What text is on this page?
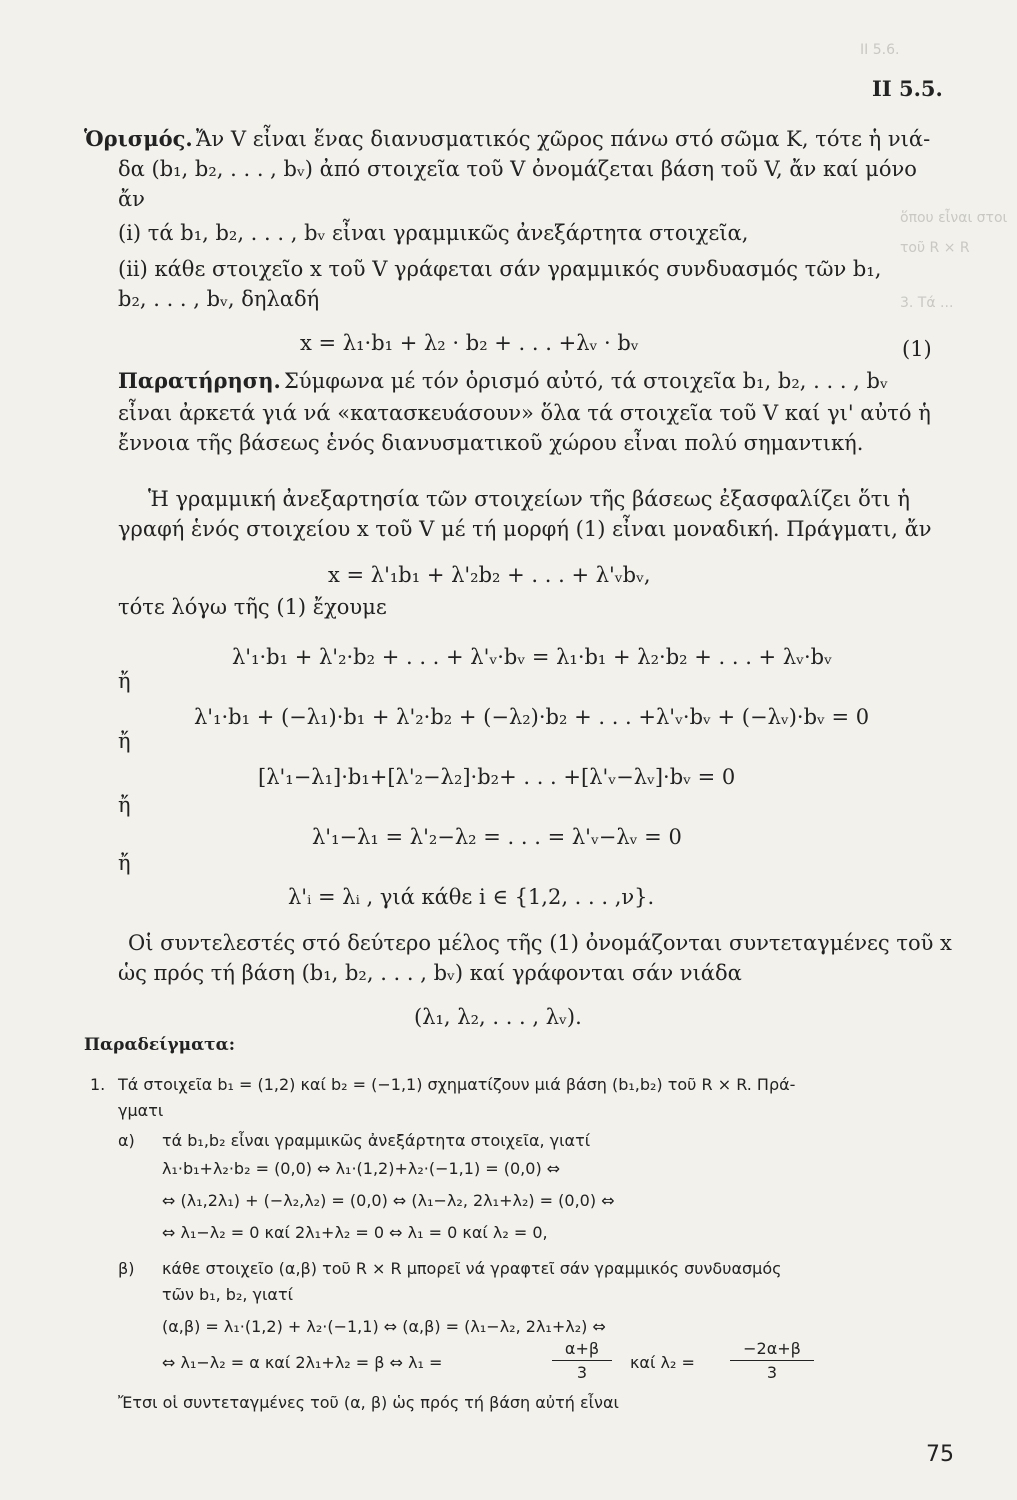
II 5.6.
ὅπου εἶναι στοι
τοῦ R × R
3. Τά ...
II 5.5.
Ὁρισμός. Ἄν V εἶναι ἕνας διανυσματικός χῶρος πάνω στό σῶμα K, τότε ἡ νιά-
δα (b₁, b₂, . . . , bᵥ) ἀπό στοιχεῖα τοῦ V ὀνομάζεται βάση τοῦ V, ἄν καί μόνο
ἄν
(i) τά b₁, b₂, . . . , bᵥ εἶναι γραμμικῶς ἀνεξάρτητα στοιχεῖα,
(ii) κάθε στοιχεῖο x τοῦ V γράφεται σάν γραμμικός συνδυασμός τῶν b₁,
b₂, . . . , bᵥ, δηλαδή
x = λ₁·b₁ + λ₂ · b₂ + . . . +λᵥ · bᵥ	(1)
Παρατήρηση. Σύμφωνα μέ τόν ὁρισμό αὐτό, τά στοιχεῖα b₁, b₂, . . . , bᵥ
εἶναι ἀρκετά γιά νά «κατασκευάσουν» ὅλα τά στοιχεῖα τοῦ V καί γι' αὐτό ἡ
ἔννοια τῆς βάσεως ἑνός διανυσματικοῦ χώρου εἶναι πολύ σημαντική.
Ἡ γραμμική ἀνεξαρτησία τῶν στοιχείων τῆς βάσεως ἐξασφαλίζει ὅτι ἡ
γραφή ἑνός στοιχείου x τοῦ V μέ τή μορφή (1) εἶναι μοναδική. Πράγματι, ἄν
x = λ'₁b₁ + λ'₂b₂ + . . . + λ'ᵥbᵥ,
τότε λόγω τῆς (1) ἔχουμε
λ'₁·b₁ + λ'₂·b₂ + . . . + λ'ᵥ·bᵥ = λ₁·b₁ + λ₂·b₂ + . . . + λᵥ·bᵥ
ἤ
λ'₁·b₁ + (−λ₁)·b₁ + λ'₂·b₂ + (−λ₂)·b₂ + . . . +λ'ᵥ·bᵥ + (−λᵥ)·bᵥ = 0
ἤ
[λ'₁−λ₁]·b₁+[λ'₂−λ₂]·b₂+ . . . +[λ'ᵥ−λᵥ]·bᵥ = 0
ἤ
λ'₁−λ₁ = λ'₂−λ₂ = . . . = λ'ᵥ−λᵥ = 0
ἤ
λ'ᵢ = λᵢ , γιά κάθε i ∈ {1,2, . . . ,ν}.
Οἱ συντελεστές στό δεύτερο μέλος τῆς (1) ὀνομάζονται συντεταγμένες τοῦ x
ὡς πρός τή βάση (b₁, b₂, . . . , bᵥ) καί γράφονται σάν νιάδα
(λ₁, λ₂, . . . , λᵥ).
Παραδείγματα:
1. Τά στοιχεῖα b₁ = (1,2) καί b₂ = (−1,1) σχηματίζουν μιά βάση (b₁,b₂) τοῦ R × R. Πρά-
γματι
α) τά b₁,b₂ εἶναι γραμμικῶς ἀνεξάρτητα στοιχεῖα, γιατί
λ₁·b₁+λ₂·b₂ = (0,0) ⇔ λ₁·(1,2)+λ₂·(−1,1) = (0,0) ⇔
⇔ (λ₁,2λ₁) + (−λ₂,λ₂) = (0,0) ⇔ (λ₁−λ₂, 2λ₁+λ₂) = (0,0) ⇔
⇔ λ₁−λ₂ = 0 καί 2λ₁+λ₂ = 0 ⇔ λ₁ = 0 καί λ₂ = 0,
β) κάθε στοιχεῖο (α,β) τοῦ R × R μπορεῖ νά γραφτεῖ σάν γραμμικός συνδυασμός
τῶν b₁, b₂, γιατί
(α,β) = λ₁·(1,2) + λ₂·(−1,1) ⇔ (α,β) = (λ₁−λ₂, 2λ₁+λ₂) ⇔
⇔ λ₁−λ₂ = α καί 2λ₁+λ₂ = β ⇔ λ₁ =
α+β
3
καί λ₂ =
−2α+β
3
Ἔτσι οἱ συντεταγμένες τοῦ (α, β) ὡς πρός τή βάση αὐτή εἶναι
75
